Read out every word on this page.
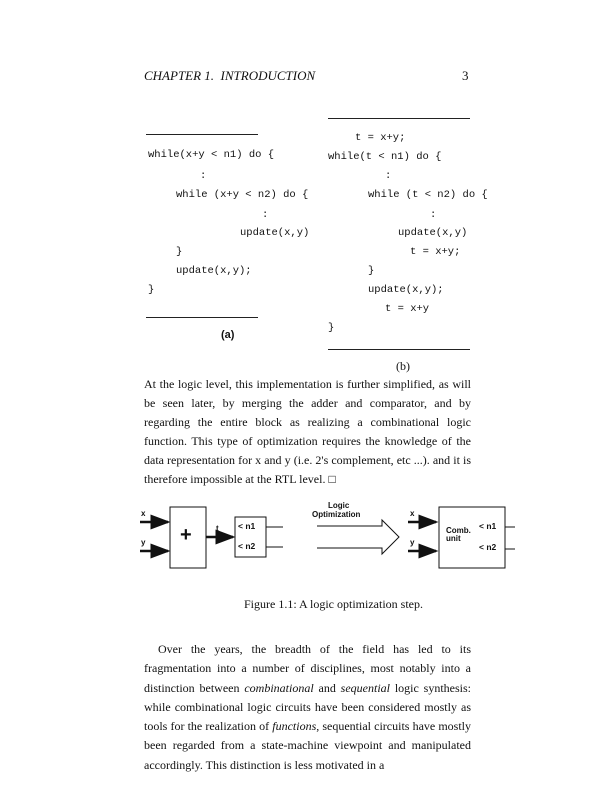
CHAPTER 1.  INTRODUCTION	3
while(x+y < n1) do {
:
while (x+y < n2) do {
:
update(x,y)
}
update(x,y);
}
(a)
t = x+y;
while(t < n1) do {
:
while (t < n2) do {
:
update(x,y)
t = x+y;
}
update(x,y);
t = x+y
}
(b)
At the logic level, this implementation is further simplified, as will be seen later, by merging the adder and comparator, and by regarding the entire block as realizing a combinational logic function. This type of optimization requires the knowledge of the data representation for x and y (i.e. 2's complement, etc ...). and it is therefore impossible at the RTL level. □
x
y +	t < n1
< n2
Logic
Optimization	x
y
Comb.
unit
< n1
< n2
Figure 1.1: A logic optimization step.
Over the years, the breadth of the field has led to its fragmentation into a number of disciplines, most notably into a distinction between combinational and sequential logic synthesis: while combinational logic circuits have been considered mostly as tools for the realization of functions, sequential circuits have mostly been regarded from a state-machine viewpoint and manipulated accordingly. This distinction is less motivated in a
